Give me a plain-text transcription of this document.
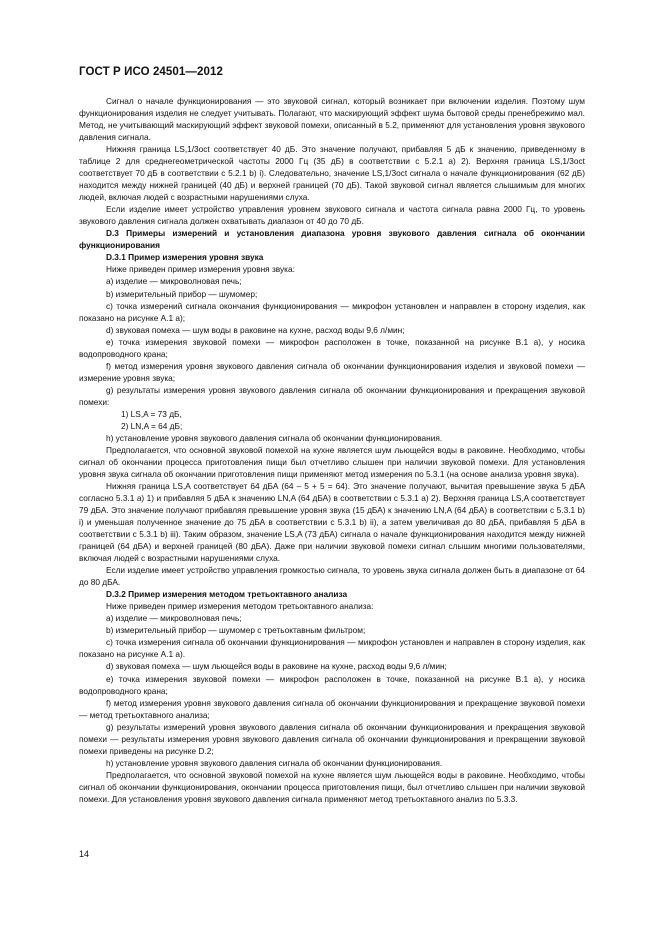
ГОСТ Р ИСО 24501—2012

Сигнал о начале функционирования — это звуковой сигнал, который возникает при включении изделия. Поэтому шум функционирования изделия не следует учитывать. Полагают, что маскирующий эффект шума бытовой среды пренебрежимо мал. Метод, не учитывающий маскирующий эффект звуковой помехи, описанный в 5.2, применяют для установления уровня звукового давления сигнала.

Нижняя граница LS,1/3oct соответствует 40 дБ. Это значение получают, прибавляя 5 дБ к значению, приведенному в таблице 2 для среднегеометрической частоты 2000 Гц (35 дБ) в соответствии с 5.2.1 а) 2). Верхняя граница LS,1/3oct соответствует 70 дБ в соответствии с 5.2.1 b) i). Следовательно, значение LS,1/3oct сигнала о начале функционирования (62 дБ) находится между нижней границей (40 дБ) и верхней границей (70 дБ). Такой звуковой сигнал является слышимым для многих людей, включая людей с возрастными нарушениями слуха.

Если изделие имеет устройство управления уровнем звукового сигнала и частота сигнала равна 2000 Гц, то уровень звукового давления сигнала должен охватывать диапазон от 40 до 70 дБ.

D.3 Примеры измерений и установления диапазона уровня звукового давления сигнала об окончании функционирования

D.3.1 Пример измерения уровня звука

Ниже приведен пример измерения уровня звука:

а) изделие — микроволновая печь;

b) измерительный прибор — шумомер;

c) точка измерений сигнала окончания функционирования — микрофон установлен и направлен в сторону изделия, как показано на рисунке А.1 а);

d) звуковая помеха — шум воды в раковине на кухне, расход воды 9,6 л/мин;

е) точка измерения звуковой помехи — микрофон расположен в точке, показанной на рисунке В.1 а), у носика водопроводного крана;

f) метод измерения уровня звукового давления сигнала об окончании функционирования изделия и звуковой помехи — измерение уровня звука;

g) результаты измерения уровня звукового давления сигнала об окончании функционирования и прекращения звуковой помехи:

1) LS,A = 73 дБ,

2) LN,A = 64 дБ;

h) установление уровня звукового давления сигнала об окончании функционирования.

Предполагается, что основной звуковой помехой на кухне является шум льющейся воды в раковине. Необходимо, чтобы сигнал об окончании процесса приготовления пищи был отчетливо слышен при наличии звуковой помехи. Для установления уровня звука сигнала об окончании приготовления пищи применяют метод измерения по 5.3.1 (на основе анализа уровня звука).

Нижняя граница LS,A соответствует 64 дБА (64 – 5 + 5 = 64). Это значение получают, вычитая превышение звука 5 дБА согласно 5.3.1 а) 1) и прибавляя 5 дБА к значению LN,A (64 дБА) в соответствии с 5.3.1 а) 2). Верхняя граница LS,A соответствует 79 дБА. Это значение получают прибавляя превышение уровня звука (15 дБА) к значению LN,A (64 дБА) в соответствии с 5.3.1 b) i) и уменьшая полученное значение до 75 дБА в соответствии с 5.3.1 b) ii), а затем увеличивая до 80 дБА, прибавляя 5 дБА в соответствии с 5.3.1 b) iii). Таким образом, значение LS,A (73 дБА) сигнала о начале функционирования находится между нижней границей (64 дБА) и верхней границей (80 дБА). Даже при наличии звуковой помехи сигнал слышим многими пользователями, включая людей с возрастными нарушениями слуха.

Если изделие имеет устройство управления громкостью сигнала, то уровень звука сигнала должен быть в диапазоне от 64 до 80 дБА.

D.3.2 Пример измерения методом третьоктавного анализа

Ниже приведен пример измерения методом третьоктавного анализа:

а) изделие — микроволновая печь;

b) измерительный прибор — шумомер с третьоктавным фильтром;

c) точка измерения сигнала об окончании функционирования — микрофон установлен и направлен в сторону изделия, как показано на рисунке А.1 а).

d) звуковая помеха — шум льющейся воды в раковине на кухне, расход воды 9,6 л/мин;

е) точка измерения звуковой помехи — микрофон расположен в точке, показанной на рисунке В.1 а), у носика водопроводного крана;

f) метод измерения уровня звукового давления сигнала об окончании функционирования и прекращение звуковой помехи — метод третьоктавного анализа;

g) результаты измерений уровня звукового давления сигнала об окончании функционирования и прекращения звуковой помехи — результаты измерения уровня звукового давления сигнала об окончании функционирования и прекращении звуковой помехи приведены на рисунке D.2;

h) установление уровня звукового давления сигнала об окончании функционирования.

Предполагается, что основной звуковой помехой на кухне является шум льющейся воды в раковине. Необходимо, чтобы сигнал об окончании функционирования, окончании процесса приготовления пищи, был отчетливо слышен при наличии звуковой помехи. Для установления уровня звукового давления сигнала применяют метод третьоктавного анализ по 5.3.3.

14
